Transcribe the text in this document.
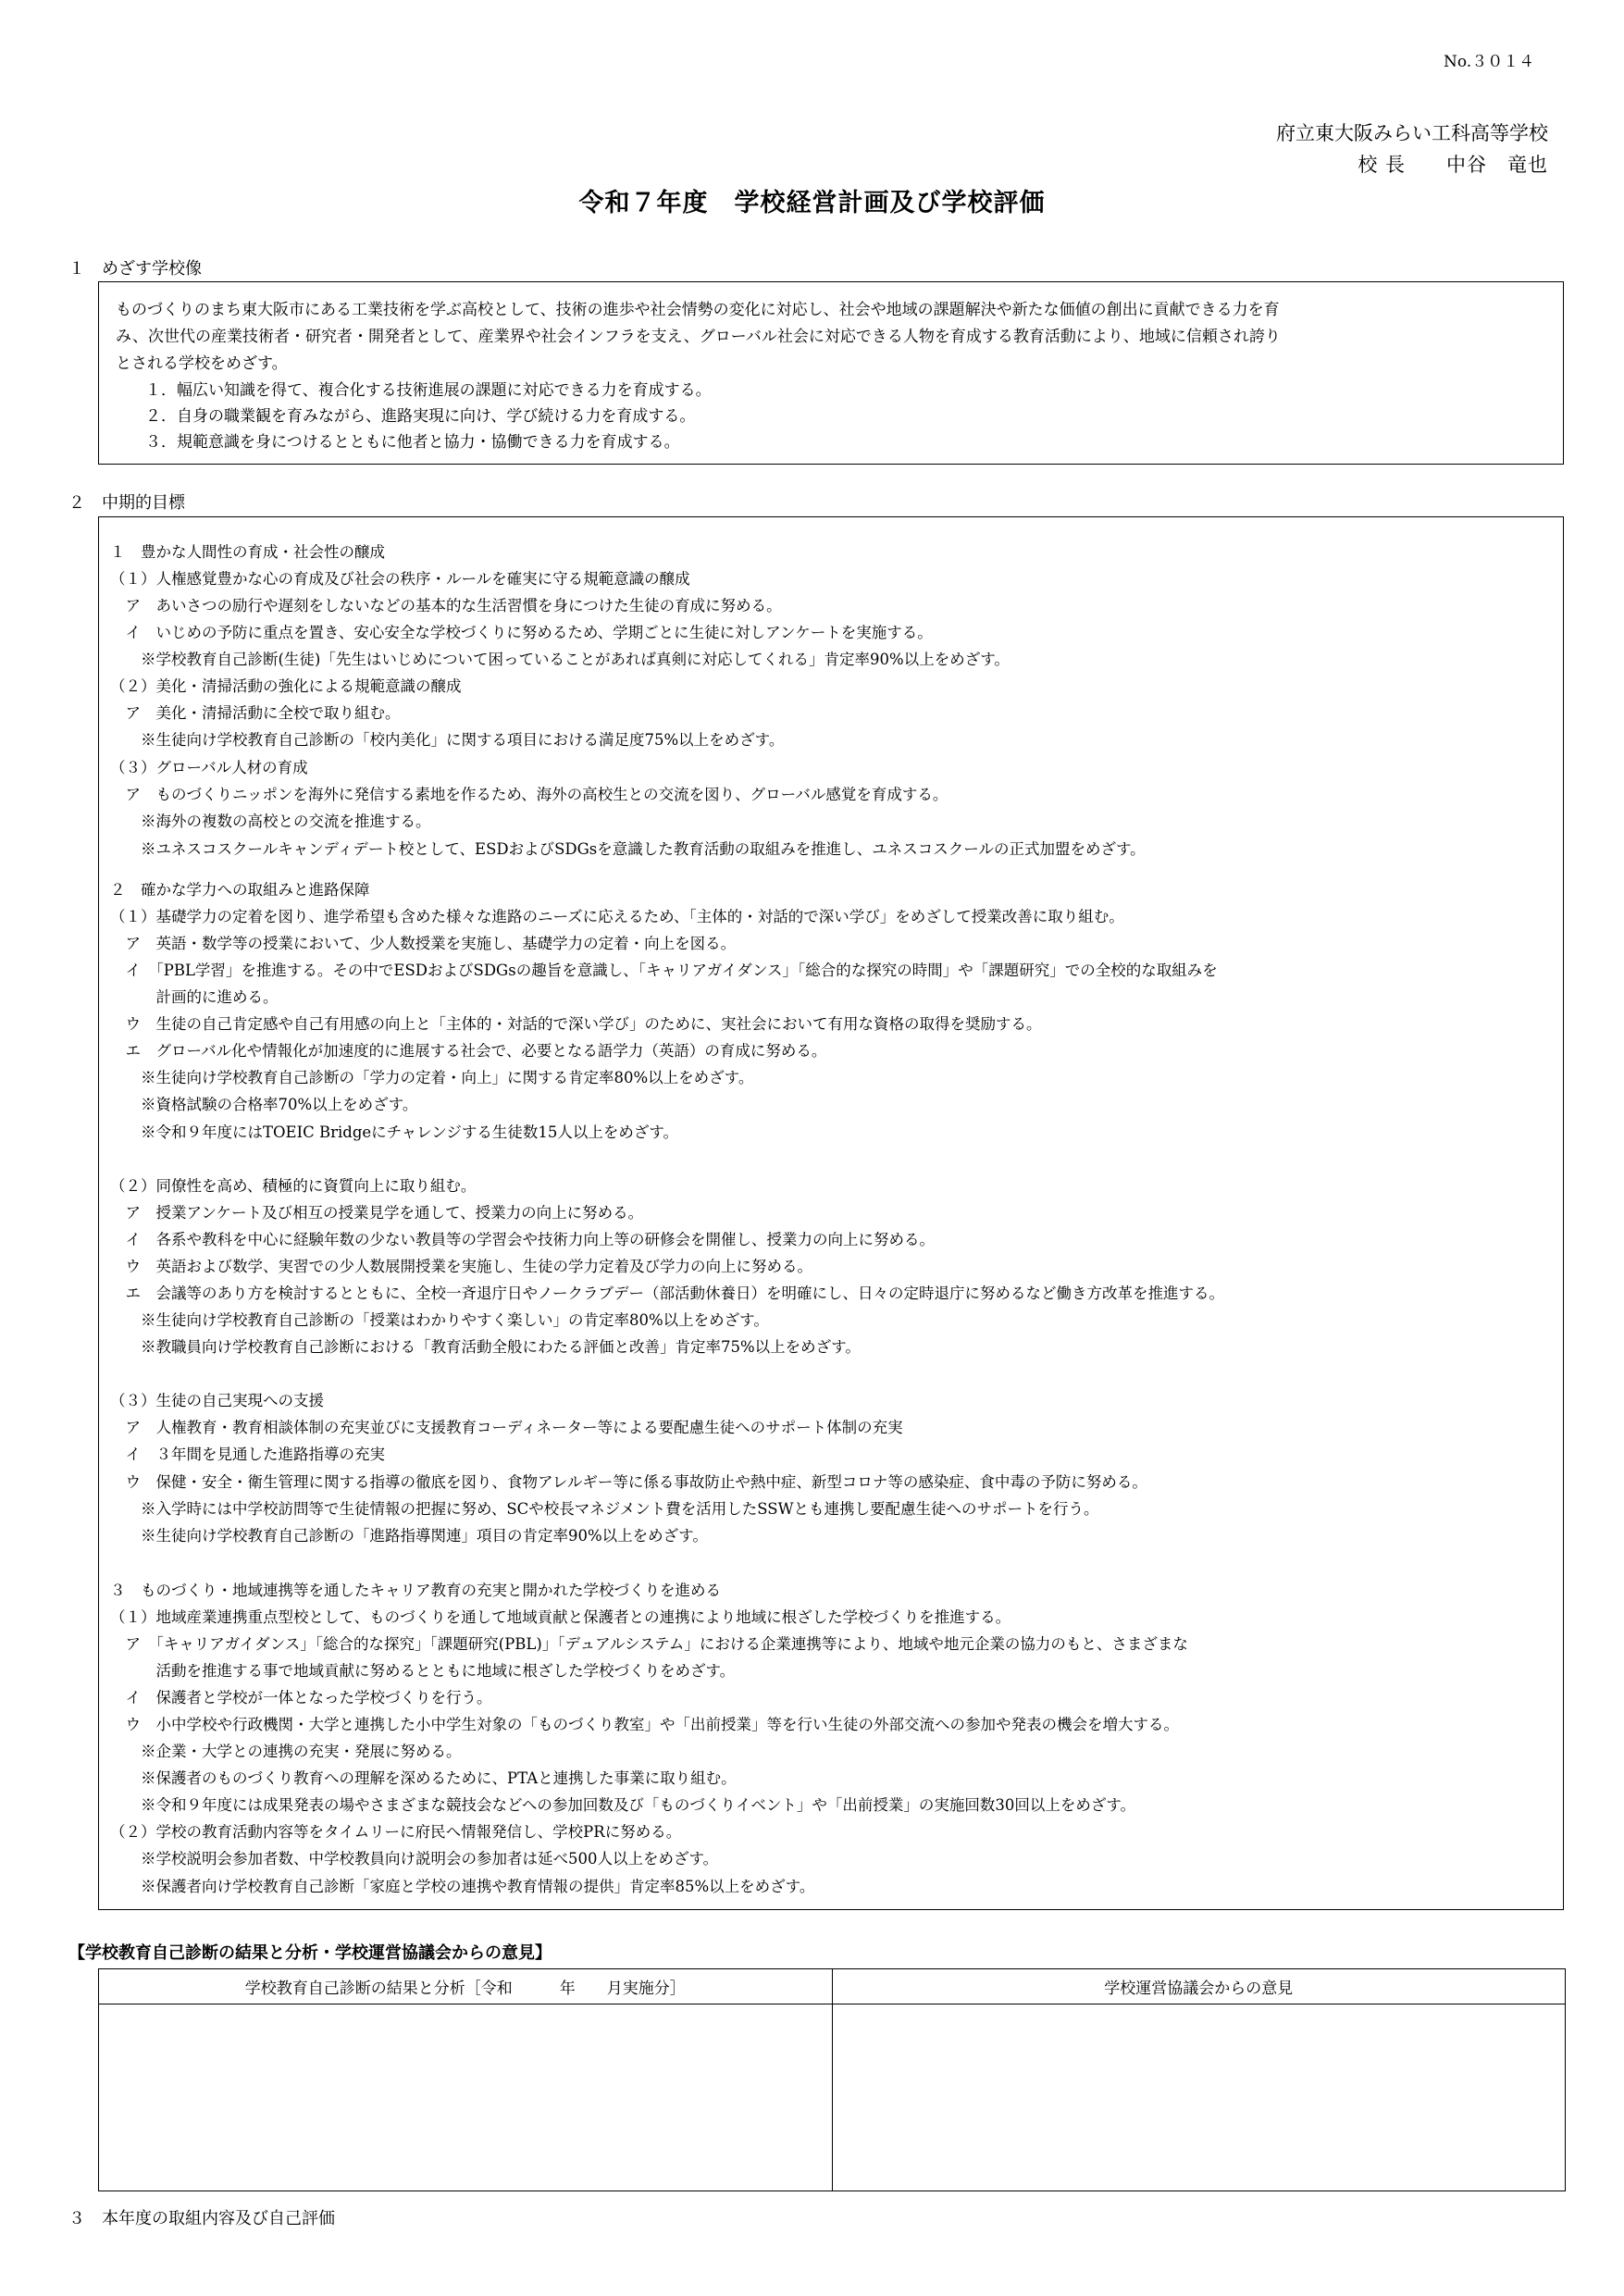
No.３０１４
府立東大阪みらい工科高等学校
校 長　　中谷　竜也
令和７年度　学校経営計画及び学校評価
１　めざす学校像
ものづくりのまち東大阪市にある工業技術を学ぶ高校として、技術の進歩や社会情勢の変化に対応し、社会や地域の課題解決や新たな価値の創出に貢献できる力を育
み、次世代の産業技術者・研究者・開発者として、産業界や社会インフラを支え、グローバル社会に対応できる人物を育成する教育活動により、地域に信頼され誇り
とされる学校をめざす。
１．幅広い知識を得て、複合化する技術進展の課題に対応できる力を育成する。
２．自身の職業観を育みながら、進路実現に向け、学び続ける力を育成する。
３．規範意識を身につけるとともに他者と協力・協働できる力を育成する。
２　中期的目標
１　豊かな人間性の育成・社会性の醸成
（１）人権感覚豊かな心の育成及び社会の秩序・ルールを確実に守る規範意識の醸成
　ア　あいさつの励行や遅刻をしないなどの基本的な生活習慣を身につけた生徒の育成に努める。
　イ　いじめの予防に重点を置き、安心安全な学校づくりに努めるため、学期ごとに生徒に対しアンケートを実施する。
　　※学校教育自己診断(生徒)「先生はいじめについて困っていることがあれば真剣に対応してくれる」肯定率90%以上をめざす。
（２）美化・清掃活動の強化による規範意識の醸成
　ア　美化・清掃活動に全校で取り組む。
　　※生徒向け学校教育自己診断の「校内美化」に関する項目における満足度75%以上をめざす。
（３）グローバル人材の育成
　ア　ものづくりニッポンを海外に発信する素地を作るため、海外の高校生との交流を図り、グローバル感覚を育成する。
　　※海外の複数の高校との交流を推進する。
　　※ユネスコスクールキャンディデート校として、ESDおよびSDGsを意識した教育活動の取組みを推進し、ユネスコスクールの正式加盟をめざす。
２　確かな学力への取組みと進路保障
（１）基礎学力の定着を図り、進学希望も含めた様々な進路のニーズに応えるため、「主体的・対話的で深い学び」をめざして授業改善に取り組む。
　ア　英語・数学等の授業において、少人数授業を実施し、基礎学力の定着・向上を図る。
　イ　「PBL学習」を推進する。その中でESDおよびSDGsの趣旨を意識し、「キャリアガイダンス」「総合的な探究の時間」や「課題研究」での全校的な取組みを
　　　計画的に進める。
　ウ　生徒の自己肯定感や自己有用感の向上と「主体的・対話的で深い学び」のために、実社会において有用な資格の取得を奨励する。
　エ　グローバル化や情報化が加速度的に進展する社会で、必要となる語学力（英語）の育成に努める。
　　※生徒向け学校教育自己診断の「学力の定着・向上」に関する肯定率80%以上をめざす。
　　※資格試験の合格率70%以上をめざす。
　　※令和９年度にはTOEIC Bridgeにチャレンジする生徒数15人以上をめざす。
（２）同僚性を高め、積極的に資質向上に取り組む。
　ア　授業アンケート及び相互の授業見学を通して、授業力の向上に努める。
　イ　各系や教科を中心に経験年数の少ない教員等の学習会や技術力向上等の研修会を開催し、授業力の向上に努める。
　ウ　英語および数学、実習での少人数展開授業を実施し、生徒の学力定着及び学力の向上に努める。
　エ　会議等のあり方を検討するとともに、全校一斉退庁日やノークラブデー（部活動休養日）を明確にし、日々の定時退庁に努めるなど働き方改革を推進する。
　　※生徒向け学校教育自己診断の「授業はわかりやすく楽しい」の肯定率80%以上をめざす。
　　※教職員向け学校教育自己診断における「教育活動全般にわたる評価と改善」肯定率75%以上をめざす。
（３）生徒の自己実現への支援
　ア　人権教育・教育相談体制の充実並びに支援教育コーディネーター等による要配慮生徒へのサポート体制の充実
　イ　３年間を見通した進路指導の充実
　ウ　保健・安全・衛生管理に関する指導の徹底を図り、食物アレルギー等に係る事故防止や熱中症、新型コロナ等の感染症、食中毒の予防に努める。
　　※入学時には中学校訪問等で生徒情報の把握に努め、SCや校長マネジメント費を活用したSSWとも連携し要配慮生徒へのサポートを行う。
　　※生徒向け学校教育自己診断の「進路指導関連」項目の肯定率90%以上をめざす。
３　ものづくり・地域連携等を通したキャリア教育の充実と開かれた学校づくりを進める
（１）地域産業連携重点型校として、ものづくりを通して地域貢献と保護者との連携により地域に根ざした学校づくりを推進する。
　ア　「キャリアガイダンス」「総合的な探究」「課題研究(PBL)」「デュアルシステム」における企業連携等により、地域や地元企業の協力のもと、さまざまな
　　　活動を推進する事で地域貢献に努めるとともに地域に根ざした学校づくりをめざす。
　イ　保護者と学校が一体となった学校づくりを行う。
　ウ　小中学校や行政機関・大学と連携した小中学生対象の「ものづくり教室」や「出前授業」等を行い生徒の外部交流への参加や発表の機会を増大する。
　　※企業・大学との連携の充実・発展に努める。
　　※保護者のものづくり教育への理解を深めるために、PTAと連携した事業に取り組む。
　　※令和９年度には成果発表の場やさまざまな競技会などへの参加回数及び「ものづくりイベント」や「出前授業」の実施回数30回以上をめざす。
（２）学校の教育活動内容等をタイムリーに府民へ情報発信し、学校PRに努める。
　　※学校説明会参加者数、中学校教員向け説明会の参加者は延べ500人以上をめざす。
　　※保護者向け学校教育自己診断「家庭と学校の連携や教育情報の提供」肯定率85%以上をめざす。
【学校教育自己診断の結果と分析・学校運営協議会からの意見】
学校教育自己診断の結果と分析［令和　　　年　　月実施分］	学校運営協議会からの意見

３　本年度の取組内容及び自己評価
